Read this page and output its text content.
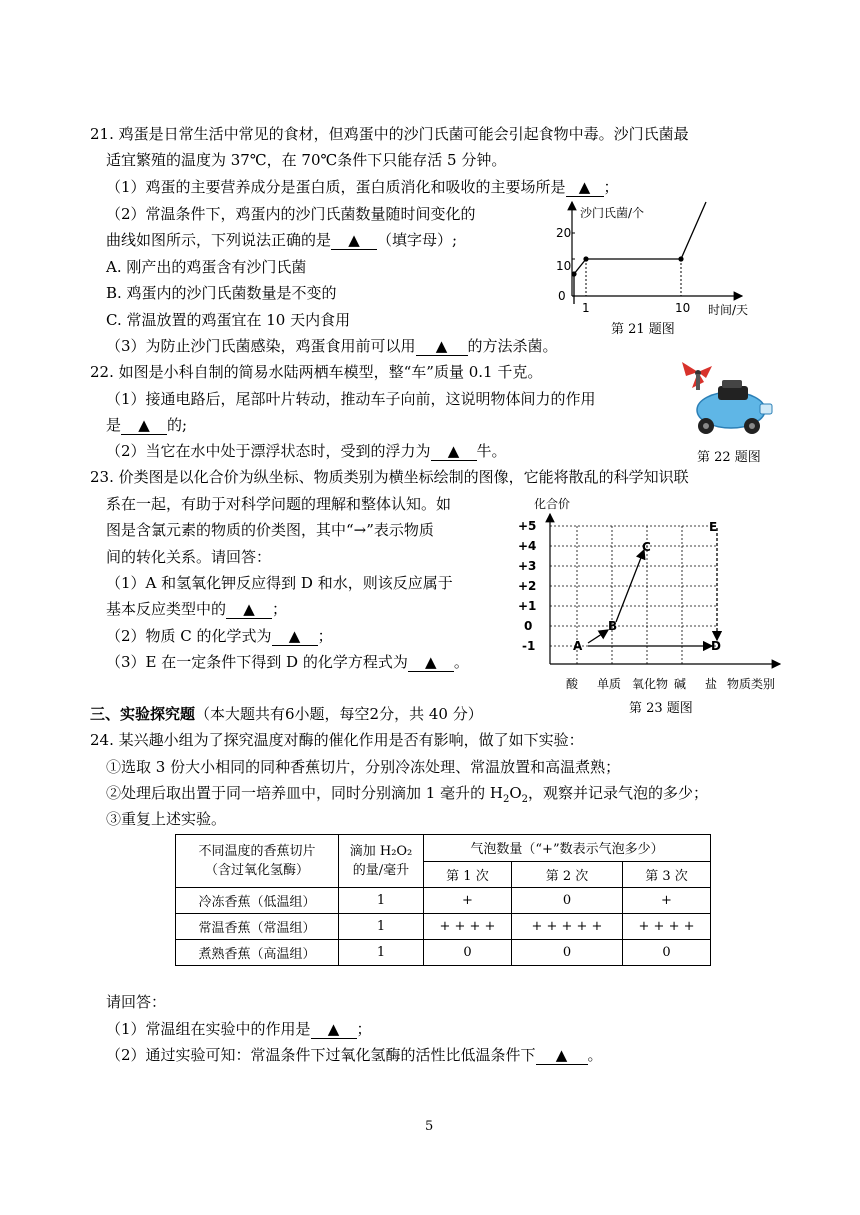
21. 鸡蛋是日常生活中常见的食材，但鸡蛋中的沙门氏菌可能会引起食物中毒。沙门氏菌最
适宜繁殖的温度为 37℃，在 70℃条件下只能存活 5 分钟。
（1）鸡蛋的主要营养成分是蛋白质，蛋白质消化和吸收的主要场所是 ▲ ；
（2）常温条件下，鸡蛋内的沙门氏菌数量随时间变化的
曲线如图所示，下列说法正确的是 ▲ （填字母）;
A. 刚产出的鸡蛋含有沙门氏菌
B. 鸡蛋内的沙门氏菌数量是不变的
C. 常温放置的鸡蛋宜在 10 天内食用
（3）为防止沙门氏菌感染，鸡蛋食用前可以用 ▲ 的方法杀菌。
沙门氏菌/个
20
10
0
1	10 时间/天
第 21 题图
22. 如图是小科自制的简易水陆两栖车模型，整“车”质量 0.1 千克。
（1）接通电路后，尾部叶片转动，推动车子向前，这说明物体间力的作用
是 ▲ 的;
（2）当它在水中处于漂浮状态时，受到的浮力为 ▲ 牛。	第 22 题图
23. 价类图是以化合价为纵坐标、物质类别为横坐标绘制的图像，它能将散乱的科学知识联
系在一起，有助于对科学问题的理解和整体认知。如
图是含氯元素的物质的价类图，其中“→”表示物质
间的转化关系。请回答：
（1）A 和氢氧化钾反应得到 D 和水，则该反应属于
基本反应类型中的 ▲ ；
（2）物质 C 的化学式为 ▲ ；
（3）E 在一定条件下得到 D 的化学方程式为 ▲ 。
化合价
+5
+4
+3
+2
+1
0
-1
酸 单质 氧化物 碱 盐 物质类别
A
B
C
D
E
第 23 题图
三、实验探究题（本大题共有6小题，每空2分，共 40 分）
24. 某兴趣小组为了探究温度对酶的催化作用是否有影响，做了如下实验：
①选取 3 份大小相同的同种香蕉切片，分别冷冻处理、常温放置和高温煮熟；
②处理后取出置于同一培养皿中，同时分别滴加 1 毫升的 $H_2O_2$，观察并记录气泡的多少；
③重复上述实验。
不同温度的香蕉切片
（含过氧化氢酶）	滴加 H₂O₂
的量/毫升	气泡数量（“+”数表示气泡多少）		
		第 1 次	第 2 次	第 3 次
冷冻香蕉（低温组）	1	+	0	+
常温香蕉（常温组）	1	+ + + +	+ + + + +	+ + + +
煮熟香蕉（高温组）	1	0	0	0
请回答：
（1）常温组在实验中的作用是 ▲ ；
（2）通过实验可知：常温条件下过氧化氢酶的活性比低温条件下 ▲ 。
5
